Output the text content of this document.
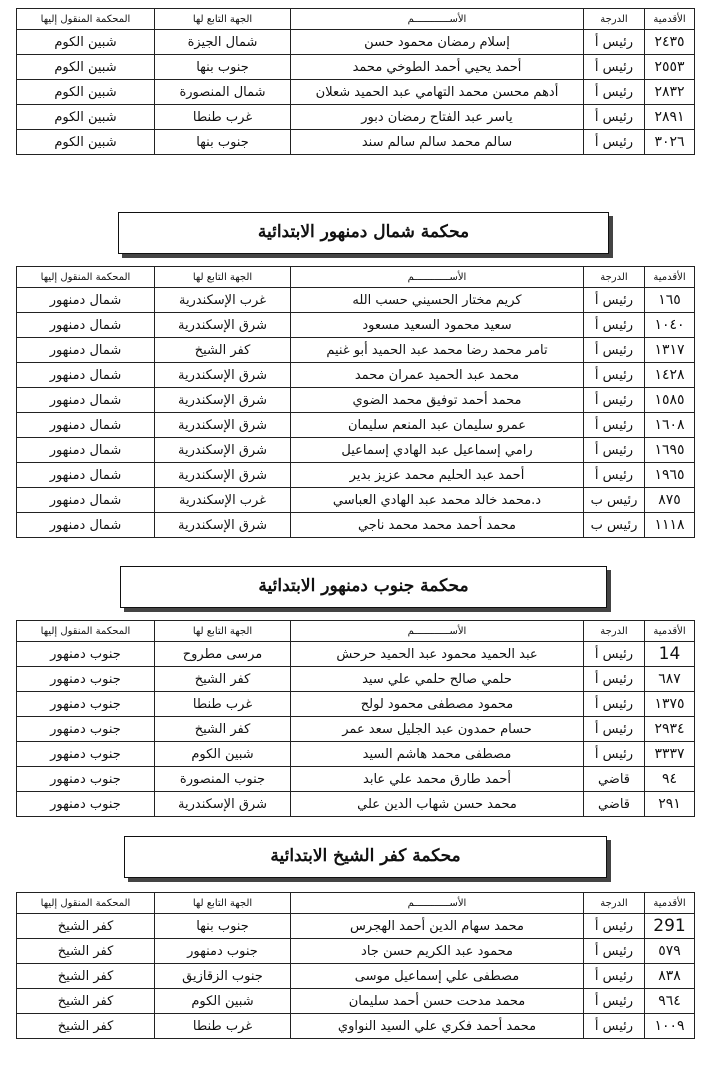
الأقدمية	الدرجة	الأســــــــــــم	الجهة التابع لها	المحكمة المنقول إليها
٢٤٣٥	رئيس أ	إسلام رمضان محمود حسن	شمال الجيزة	شبين الكوم
٢٥٥٣	رئيس أ	أحمد يحيي أحمد الطوخي محمد	جنوب بنها	شبين الكوم
٢٨٣٢	رئيس أ	أدهم محسن محمد التهامي عبد الحميد شعلان	شمال المنصورة	شبين الكوم
٢٨٩١	رئيس أ	ياسر عبد الفتاح رمضان دبور	غرب طنطا	شبين الكوم
٣٠٢٦	رئيس أ	سالم محمد سالم سالم سند	جنوب بنها	شبين الكوم
محكمة شمال دمنهور الابتدائية
الأقدمية	الدرجة	الأســــــــــــم	الجهة التابع لها	المحكمة المنقول إليها
١٦٥	رئيس أ	كريم مختار الحسيني حسب الله	غرب الإسكندرية	شمال دمنهور
١٠٤٠	رئيس أ	سعيد محمود السعيد مسعود	شرق الإسكندرية	شمال دمنهور
١٣١٧	رئيس أ	تامر محمد رضا محمد عبد الحميد أبو غنيم	كفر الشيخ	شمال دمنهور
١٤٢٨	رئيس أ	محمد عبد الحميد عمران محمد	شرق الإسكندرية	شمال دمنهور
١٥٨٥	رئيس أ	محمد أحمد توفيق محمد الضوي	شرق الإسكندرية	شمال دمنهور
١٦٠٨	رئيس أ	عمرو سليمان عبد المنعم سليمان	شرق الإسكندرية	شمال دمنهور
١٦٩٥	رئيس أ	رامي إسماعيل عبد الهادي إسماعيل	شرق الإسكندرية	شمال دمنهور
١٩٦٥	رئيس أ	أحمد عبد الحليم محمد عزيز بدير	شرق الإسكندرية	شمال دمنهور
٨٧٥	رئيس ب	د.محمد خالد محمد عبد الهادي العباسي	غرب الإسكندرية	شمال دمنهور
١١١٨	رئيس ب	محمد أحمد محمد محمد ناجي	شرق الإسكندرية	شمال دمنهور
محكمة جنوب دمنهور الابتدائية
الأقدمية	الدرجة	الأســــــــــــم	الجهة التابع لها	المحكمة المنقول إليها
14	رئيس أ	عبد الحميد محمود عبد الحميد حرحش	مرسى مطروح	جنوب دمنهور
٦٨٧	رئيس أ	حلمي صالح حلمي علي سيد	كفر الشيخ	جنوب دمنهور
١٣٧٥	رئيس أ	محمود مصطفى محمود لولح	غرب طنطا	جنوب دمنهور
٢٩٣٤	رئيس أ	حسام حمدون عبد الجليل سعد عمر	كفر الشيخ	جنوب دمنهور
٣٣٣٧	رئيس أ	مصطفى محمد هاشم السيد	شبين الكوم	جنوب دمنهور
٩٤	قاضي	أحمد طارق محمد علي عابد	جنوب المنصورة	جنوب دمنهور
٢٩١	قاضي	محمد حسن شهاب الدين علي	شرق الإسكندرية	جنوب دمنهور
محكمة كفر الشيخ الابتدائية
الأقدمية	الدرجة	الأســــــــــــم	الجهة التابع لها	المحكمة المنقول إليها
291	رئيس أ	محمد سهام الدين أحمد الهجرس	جنوب بنها	كفر الشيخ
٥٧٩	رئيس أ	محمود عبد الكريم حسن جاد	جنوب دمنهور	كفر الشيخ
٨٣٨	رئيس أ	مصطفى علي إسماعيل موسى	جنوب الزقازيق	كفر الشيخ
٩٦٤	رئيس أ	محمد مدحت حسن أحمد سليمان	شبين الكوم	كفر الشيخ
١٠٠٩	رئيس أ	محمد أحمد فكري علي السيد النواوي	غرب طنطا	كفر الشيخ
